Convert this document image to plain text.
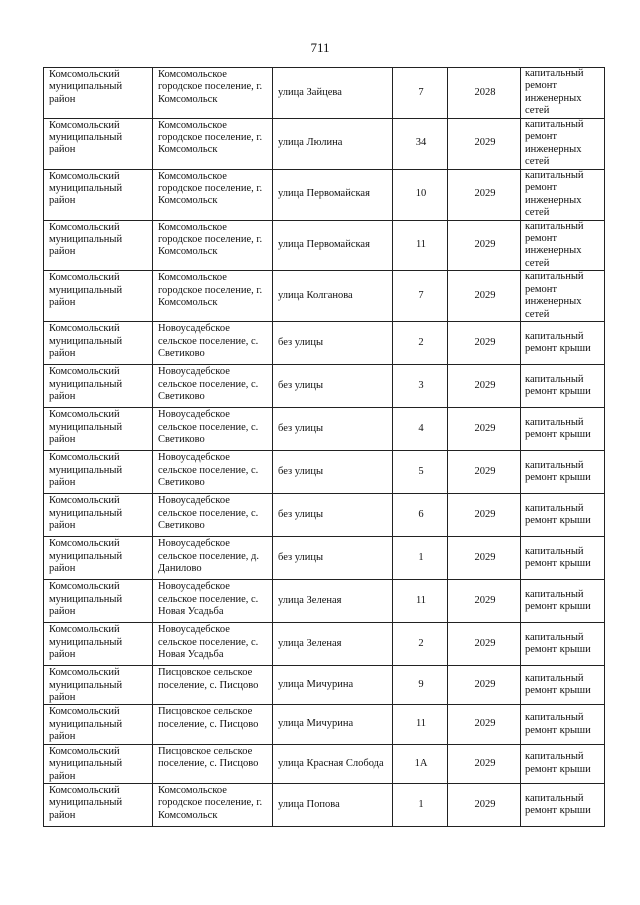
711
Комсомольский муниципальный район	Комсомольское городское поселение, г. Комсомольск	улица Зайцева	7	2028	капитальный ремонт инженерных сетей
Комсомольский муниципальный район	Комсомольское городское поселение, г. Комсомольск	улица Люлина	34	2029	капитальный ремонт инженерных сетей
Комсомольский муниципальный район	Комсомольское городское поселение, г. Комсомольск	улица Первомайская	10	2029	капитальный ремонт инженерных сетей
Комсомольский муниципальный район	Комсомольское городское поселение, г. Комсомольск	улица Первомайская	11	2029	капитальный ремонт инженерных сетей
Комсомольский муниципальный район	Комсомольское городское поселение, г. Комсомольск	улица Колганова	7	2029	капитальный ремонт инженерных сетей
Комсомольский муниципальный район	Новоусадебское сельское поселение, с. Светиково	без улицы	2	2029	капитальный ремонт крыши
Комсомольский муниципальный район	Новоусадебское сельское поселение, с. Светиково	без улицы	3	2029	капитальный ремонт крыши
Комсомольский муниципальный район	Новоусадебское сельское поселение, с. Светиково	без улицы	4	2029	капитальный ремонт крыши
Комсомольский муниципальный район	Новоусадебское сельское поселение, с. Светиково	без улицы	5	2029	капитальный ремонт крыши
Комсомольский муниципальный район	Новоусадебское сельское поселение, с. Светиково	без улицы	6	2029	капитальный ремонт крыши
Комсомольский муниципальный район	Новоусадебское сельское поселение, д. Данилово	без улицы	1	2029	капитальный ремонт крыши
Комсомольский муниципальный район	Новоусадебское сельское поселение, с. Новая Усадьба	улица Зеленая	11	2029	капитальный ремонт крыши
Комсомольский муниципальный район	Новоусадебское сельское поселение, с. Новая Усадьба	улица Зеленая	2	2029	капитальный ремонт крыши
Комсомольский муниципальный район	Писцовское сельское поселение, с. Писцово	улица Мичурина	9	2029	капитальный ремонт крыши
Комсомольский муниципальный район	Писцовское сельское поселение, с. Писцово	улица Мичурина	11	2029	капитальный ремонт крыши
Комсомольский муниципальный район	Писцовское сельское поселение, с. Писцово	улица Красная Слобода	1А	2029	капитальный ремонт крыши
Комсомольский муниципальный район	Комсомольское городское поселение, г. Комсомольск	улица Попова	1	2029	капитальный ремонт крыши
